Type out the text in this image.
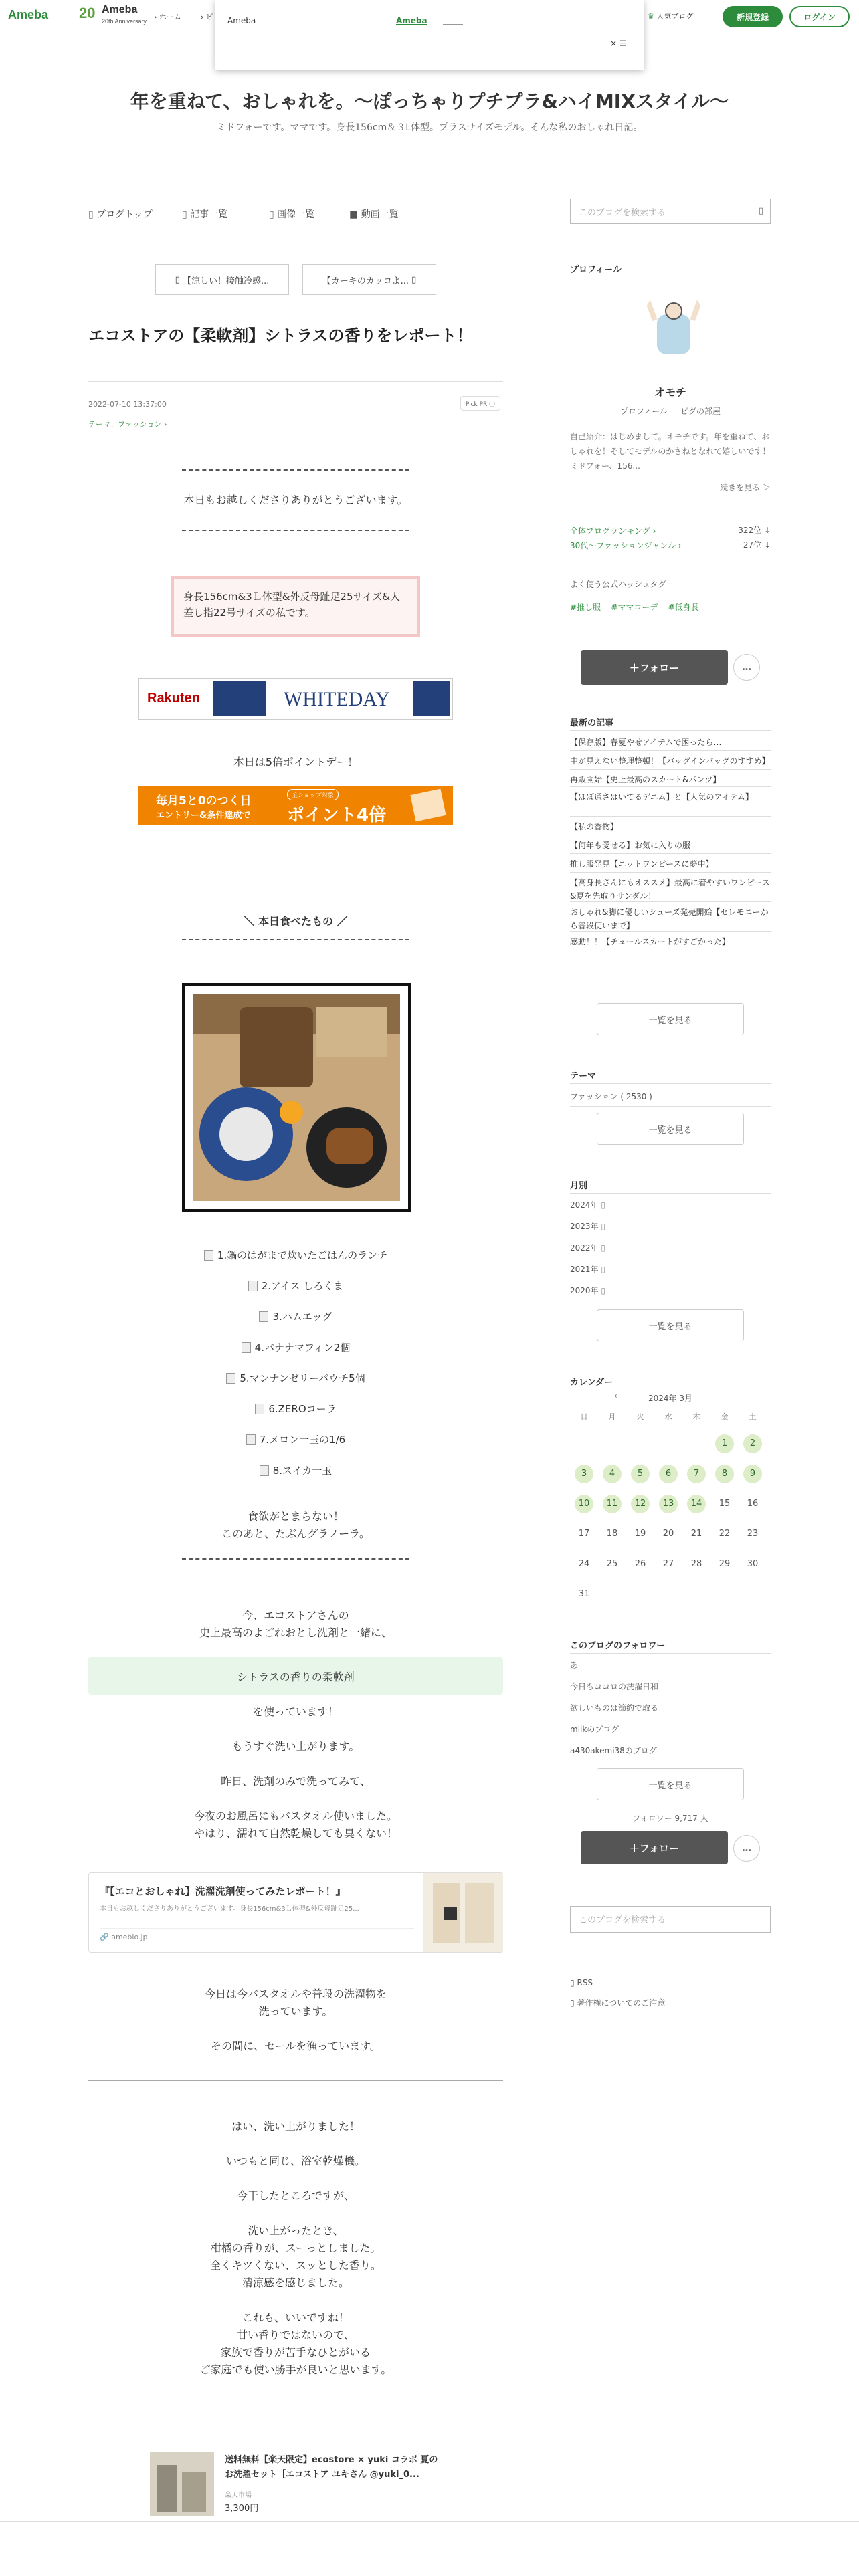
Ameba 20 Ameba
20th Anniversary › ホーム	› ピ	♛ 人気ブログ	新規登録	ログイン
Ameba	Ameba
× ☰
年を重ねて、おしゃれを。〜ぽっちゃりプチプラ&ハイMIXスタイル〜
ミドフォーです。ママです。身長156cm＆３L体型。プラスサイズモデル。そんな私のおしゃれ日記。
▯ ブログトップ	▯ 記事一覧	▯ 画像一覧	■ 動画一覧	このブログを検索する	▯
▯
【涼しい！接触冷感...	【カーキのカッコよ...
▯
エコストアの【柔軟剤】シトラスの香りをレポート！
2022-07-10 13:37:00	Pick PR ⓘ
テーマ：ファッション ›
本日もお越しくださりありがとうございます。
身長156cm&3Ｌ体型&外反母趾足25サイズ&人差し指22号サイズの私です。
Rakuten	WHITEDAY
本日は5倍ポイントデー！
毎月5と0のつく日
エントリー&条件達成で
全ショップ対象
ポイント4倍
＼ 本日食べたもの ／
1.鍋のはがまで炊いたごはんのランチ
2.アイス しろくま
3.ハムエッグ
4.バナナマフィン2個
5.マンナンゼリーパウチ5個
6.ZEROコーラ
7.メロン一玉の1/6
8.スイカ一玉
食欲がとまらない！
このあと、たぶんグラノーラ。
今、エコストアさんの
史上最高のよごれおとし洗剤と一緒に、
シトラスの香りの柔軟剤
を使っています！
もうすぐ洗い上がります。
昨日、洗剤のみで洗ってみて、
今夜のお風呂にもバスタオル使いました。
やはり、濡れて自然乾燥しても臭くない！
『【エコとおしゃれ】洗濯洗剤使ってみたレポート！』
本日もお越しくださりありがとうございます。身長156cm&3Ｌ体型&外反母趾足25...
🔗 ameblo.jp
今日は今バスタオルや普段の洗濯物を
洗っています。
その間に、セールを漁っています。
はい、洗い上がりました！
いつもと同じ、浴室乾燥機。
今干したところですが、
洗い上がったとき、
柑橘の香りが、スーっとしました。
全くキツくない、スッとした香り。
清涼感を感じました。
これも、いいですね！
甘い香りではないので、
家族で香りが苦手なひとがいる
ご家庭でも使い勝手が良いと思います。
送料無料【楽天限定】ecostore × yuki コラボ 夏のお洗濯セット［エコストア ユキさん @yuki_0...
楽天市場
3,300円
プロフィール
オモチ
プロフィール ピグの部屋
自己紹介：はじめまして。オモチです。年を重ねて、おしゃれを！そしてモデルのかさねとなれて嬉しいです！ミドフォー、156...
続きを見る ＞
全体ブログランキング ›	322位 ↓
30代〜ファッションジャンル ›	27位 ↓
よく使う公式ハッシュタグ
#推し服 #ママコーデ #低身長
＋フォロー	…
最新の記事
【保存版】春夏やせアイテムで困ったら…
中が見えない整理整頓！【バッグインバッグのすすめ】
再販開始【史上最高のスカート&パンツ】
【ほぼ通さはいてるデニム】と【人気のアイテム】
【私の香物】
【何年も愛せる】お気に入りの服
推し服発見【ニットワンピースに夢中】
【高身長さんにもオススメ】最高に着やすいワンピース&夏を先取りサンダル！
おしゃれ&脚に優しいシューズ発売開始【セレモニーから普段使いまで】
感動！！【チュールスカートがすごかった】
一覧を見る
テーマ
ファッション ( 2530 )
一覧を見る
月別
2024年 ▯
2023年 ▯
2022年 ▯
2021年 ▯
2020年 ▯
一覧を見る
カレンダー
‹	2024年 3月
日	月	火	水	木	金	土
					1	2
3	4	5	6	7	8	9
10	11	12	13	14	15	16
17	18	19	20	21	22	23
24	25	26	27	28	29	30
31						
このブログのフォロワー
あ
今日もココロの洗濯日和
欲しいものは節約で取る
milkのブログ
a430akemi38のブログ
一覧を見る
フォロワー 9,717 人
＋フォロー	…
このブログを検索する
▯ RSS
▯ 著作権についてのご注意
